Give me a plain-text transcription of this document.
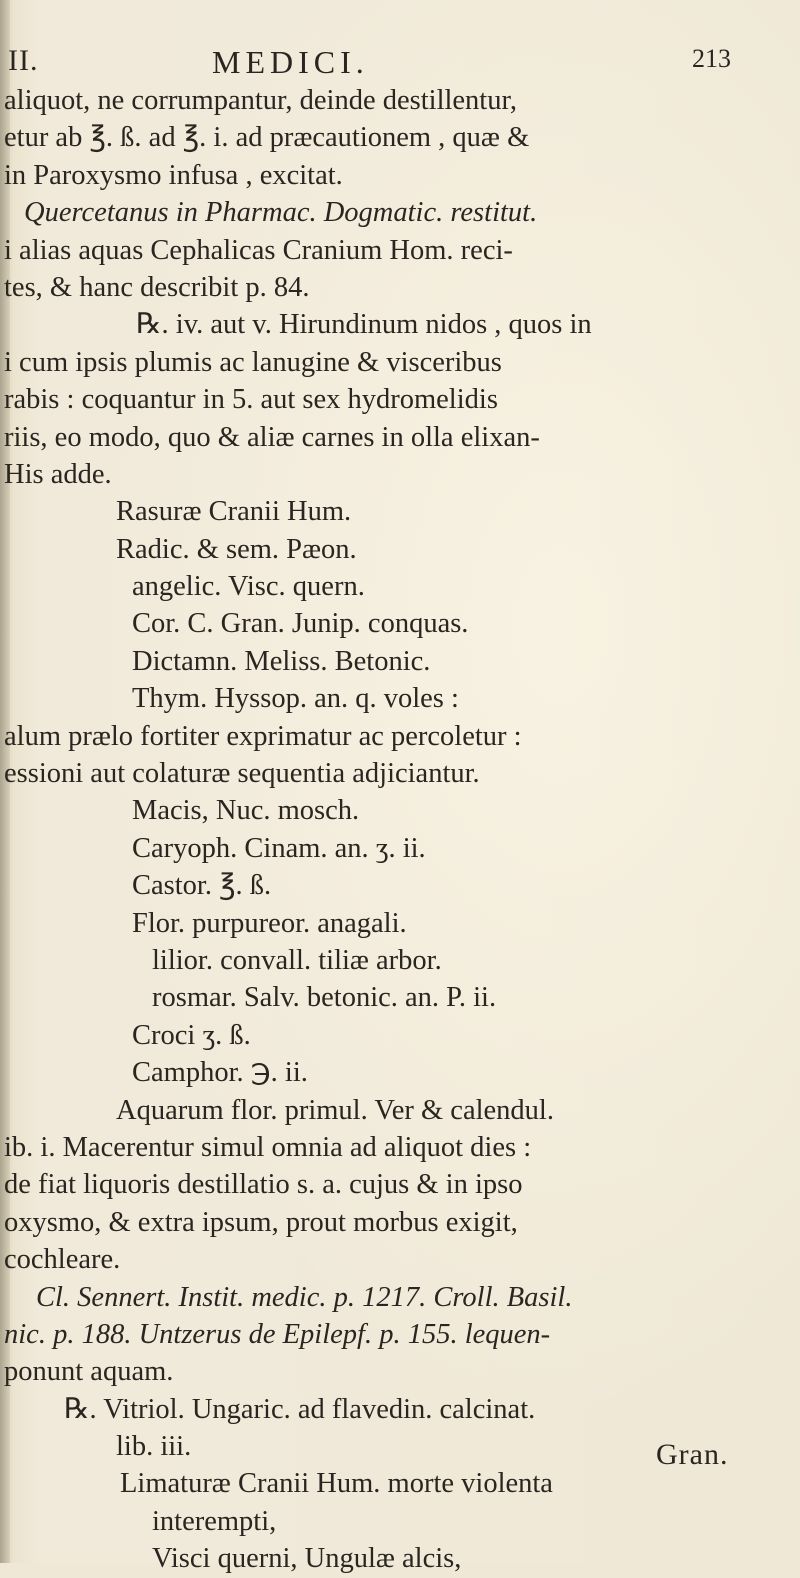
II.	MEDICI.	213
aliquot, ne corrumpantur, deinde destillentur,
etur ab ℥. ß. ad ℥. i. ad præcautionem , quæ &
in Paroxysmo infusa , excitat.
Quercetanus in Pharmac. Dogmatic. restitut.
i alias aquas Cephalicas Cranium Hom. reci-
tes, & hanc describit p. 84.
℞. iv. aut v. Hirundinum nidos , quos in
i cum ipsis plumis ac lanugine & visceribus
rabis : coquantur in 5. aut sex hydromelidis
riis, eo modo, quo & aliæ carnes in olla elixan-
His adde.
Rasuræ Cranii Hum.
Radic. & sem. Pæon.
angelic. Visc. quern.
Cor. C. Gran. Junip. conquas.
Dictamn. Meliss. Betonic.
Thym. Hyssop. an. q. voles :
alum prælo fortiter exprimatur ac percoletur :
essioni aut colaturæ sequentia adjiciantur.
Macis, Nuc. mosch.
Caryoph. Cinam. an. ʒ. ii.
Castor. ℥. ß.
Flor. purpureor. anagali.
lilior. convall. tiliæ arbor.
rosmar. Salv. betonic. an. P. ii.
Croci ʒ. ß.
Camphor. ℈. ii.
Aquarum flor. primul. Ver & calendul.
ib. i. Macerentur simul omnia ad aliquot dies :
de fiat liquoris destillatio s. a. cujus & in ipso
oxysmo, & extra ipsum, prout morbus exigit,
cochleare.
Cl. Sennert. Instit. medic. p. 1217. Croll. Basil.
nic. p. 188. Untzerus de Epilepf. p. 155. lequen-
ponunt aquam.
℞. Vitriol. Ungaric. ad flavedin. calcinat.
lib. iii.
Limaturæ Cranii Hum. morte violenta
interempti,
Visci querni, Ungulæ alcis,
Gran.
